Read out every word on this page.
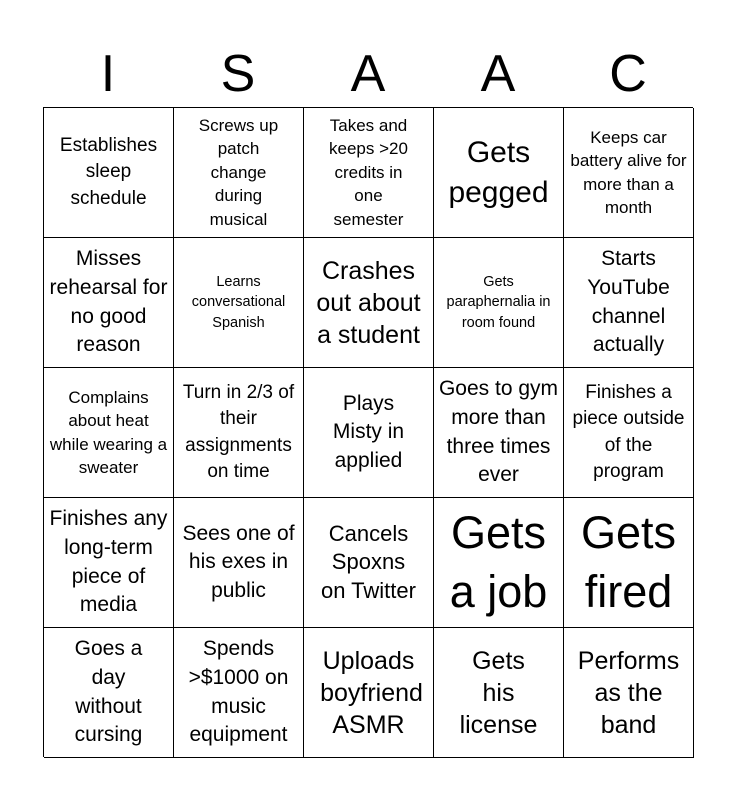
I	S	A	A	C
Establishes sleep schedule
Screws up patch change during musical
Takes and keeps >20 credits in one semester
Gets pegged
Keeps car battery alive for more than a month
Misses rehearsal for no good reason
Learns conversational Spanish
Crashes out about a student
Gets paraphernalia in room found
Starts YouTube channel actually
Complains about heat while wearing a sweater
Turn in 2/3 of their assignments on time
Plays Misty in applied
Goes to gym more than three times ever
Finishes a piece outside of the program
Finishes any long-term piece of media
Sees one of his exes in public
Cancels Spoxns on Twitter
Gets a job
Gets fired
Goes a day without cursing
Spends >$1000 on music equipment
Uploads boyfriend ASMR
Gets his license
Performs as the band
